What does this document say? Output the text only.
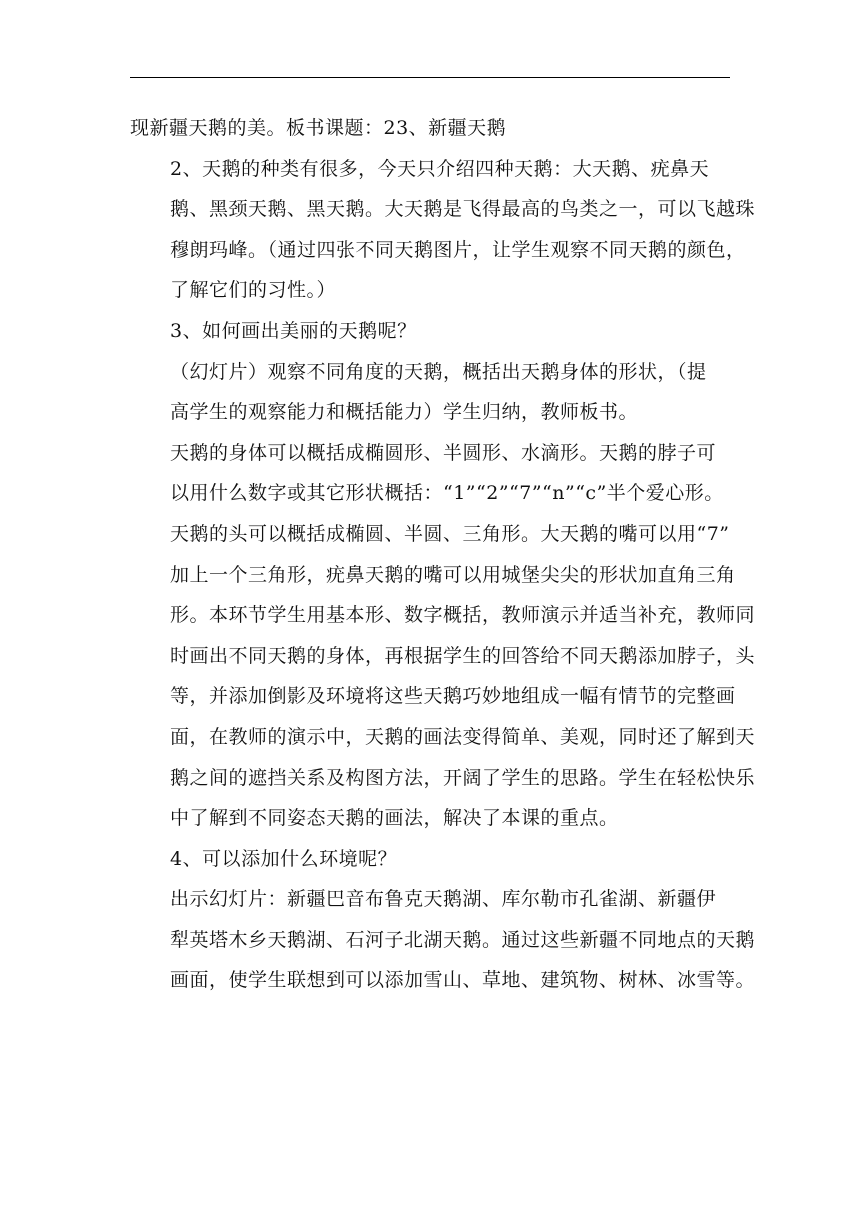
现新疆天鹅的美。板书课题：23、新疆天鹅

2、天鹅的种类有很多，今天只介绍四种天鹅：大天鹅、疣鼻天
鹅、黑颈天鹅、黑天鹅。大天鹅是飞得最高的鸟类之一，可以飞越珠
穆朗玛峰。（通过四张不同天鹅图片，让学生观察不同天鹅的颜色，
了解它们的习性。）

3、如何画出美丽的天鹅呢？

（幻灯片）观察不同角度的天鹅，概括出天鹅身体的形状，（提
高学生的观察能力和概括能力）学生归纳，教师板书。

天鹅的身体可以概括成椭圆形、半圆形、水滴形。天鹅的脖子可
以用什么数字或其它形状概括：“1”“2”“7”“n”“c”半个爱心形。
天鹅的头可以概括成椭圆、半圆、三角形。大天鹅的嘴可以用“7”
加上一个三角形，疣鼻天鹅的嘴可以用城堡尖尖的形状加直角三角
形。本环节学生用基本形、数字概括，教师演示并适当补充，教师同
时画出不同天鹅的身体，再根据学生的回答给不同天鹅添加脖子，头
等，并添加倒影及环境将这些天鹅巧妙地组成一幅有情节的完整画
面，在教师的演示中，天鹅的画法变得简单、美观，同时还了解到天
鹅之间的遮挡关系及构图方法，开阔了学生的思路。学生在轻松快乐
中了解到不同姿态天鹅的画法，解决了本课的重点。

4、可以添加什么环境呢？

出示幻灯片：新疆巴音布鲁克天鹅湖、库尔勒市孔雀湖、新疆伊
犁英塔木乡天鹅湖、石河子北湖天鹅。通过这些新疆不同地点的天鹅
画面，使学生联想到可以添加雪山、草地、建筑物、树林、冰雪等。
